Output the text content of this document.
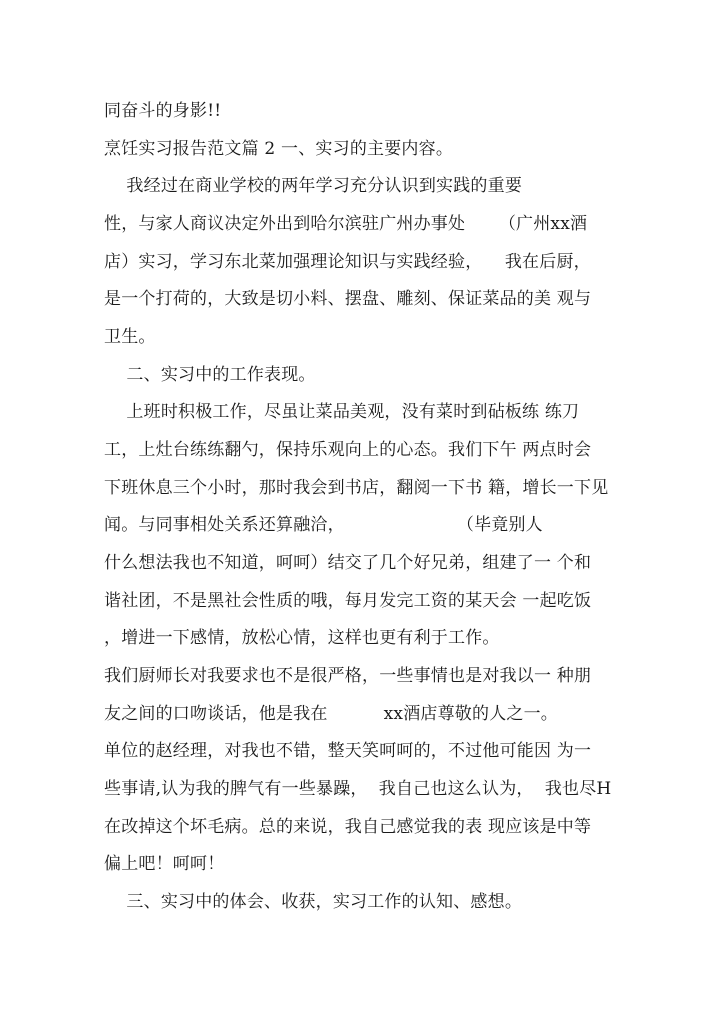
同奋斗的身影!!
烹饪实习报告范文篇 2 一、实习的主要内容。
我经过在商业学校的两年学习充分认识到实践的重要
性，与家人商议决定外出到哈尔滨驻广州办事处      （广州xx酒
店）实习，学习东北菜加强理论知识与实践经验，    我在后厨，
是一个打荷的，大致是切小料、摆盘、雕刻、保证菜品的美 观与
卫生。
二、实习中的工作表现。
上班时积极工作，尽虽让菜品美观，没有菜时到砧板练 练刀
工，上灶台练练翻勺，保持乐观向上的心态。我们下午 两点时会
下班休息三个小时，那时我会到书店，翻阅一下书 籍，增长一下见
闻。与同事相处关系还算融洽，                    （毕竟别人
什么想法我也不知道，呵呵）结交了几个好兄弟，组建了一 个和
谐社团，不是黑社会性质的哦，每月发完工资的某天会 一起吃饭
，增进一下感情，放松心情，这样也更有利于工作。
我们厨师长对我要求也不是很严格，一些事情也是对我以一 种朋
友之间的口吻谈话，他是我在          xx酒店尊敬的人之一。
单位的赵经理，对我也不错，整天笑呵呵的，不过他可能因 为一
些事请,认为我的脾气有一些暴躁，  我自己也这么认为，  我也尽H
在改掉这个坏毛病。总的来说，我自己感觉我的表 现应该是中等
偏上吧！呵呵！
三、实习中的体会、收获，实习工作的认知、感想。
